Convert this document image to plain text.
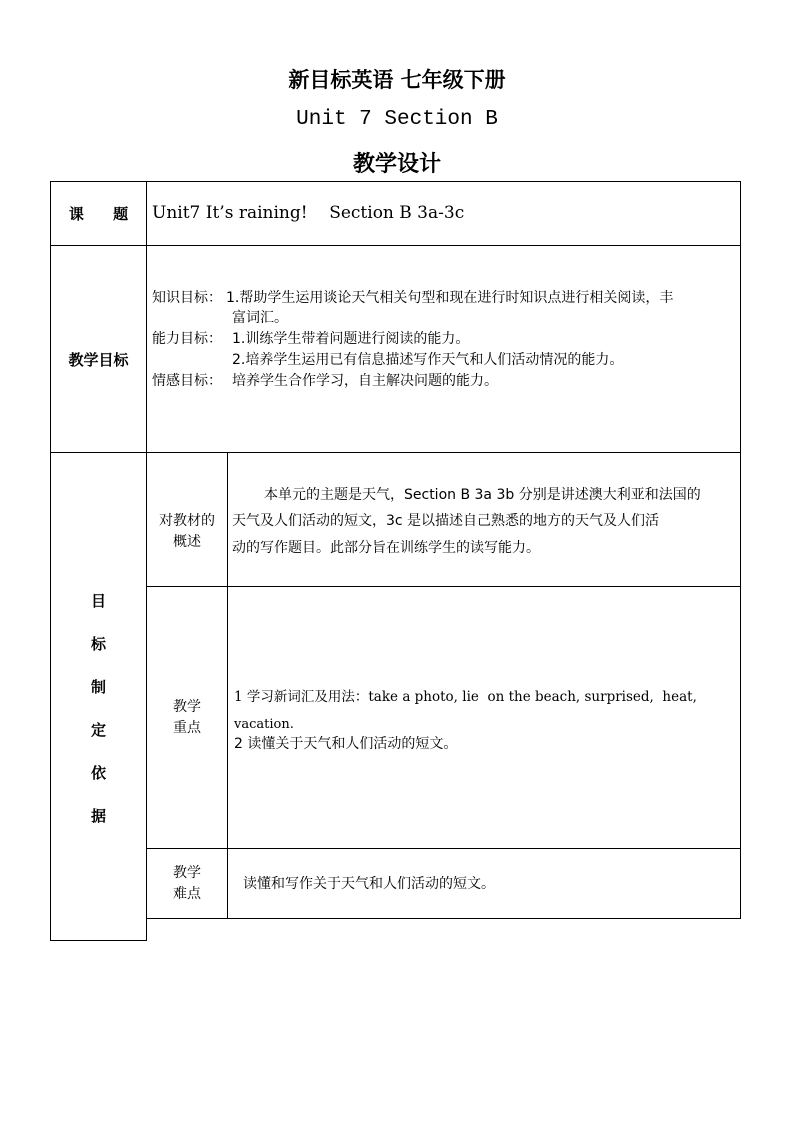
新目标英语 七年级下册
Unit 7 Section B
教学设计
课 题	Unit7 It’s raining!    Section B 3a-3c
教学目标
知识目标： 1.帮助学生运用谈论天气相关句型和现在进行时知识点进行相关阅读，丰
富词汇。
能力目标： 1.训练学生带着问题进行阅读的能力。
2.培养学生运用已有信息描述写作天气和人们活动情况的能力。
情感目标： 培养学生合作学习，自主解决问题的能力。
目
标
制
定
依
据
对教材的
概述
本单元的主题是天气，Section B 3a 3b 分别是讲述澳大利亚和法国的
天气及人们活动的短文，3c 是以描述自己熟悉的地方的天气及人们活
动的写作题目。此部分旨在训练学生的读写能力。
教学
重点
1 学习新词汇及用法：take a photo, lie  on the beach, surprised,  heat,
vacation.
2 读懂关于天气和人们活动的短文。
教学
难点
读懂和写作关于天气和人们活动的短文。
